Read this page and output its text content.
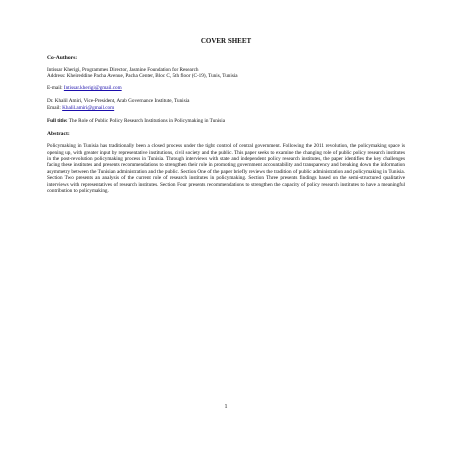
COVER SHEET
Co-Authors:

Intissar Kherigi, Programmes Director, Jasmine Foundation for Research

Address: Kheireddine Pacha Avenue, Pacha Center, Bloc C, 5th floor (C-19), Tunis, Tunisia

E-mail: Intissar.kherigi@gmail.com

Dr. Khalil Amiri, Vice-President, Arab Governance Institute, Tunisia

Email: Khalil.amiri@gmail.com

Full title: The Role of Public Policy Research Institutions in Policymaking in Tunisia

Abstract:

Policymaking in Tunisia has traditionally been a closed process under the tight control of central government. Following the 2011 revolution, the policymaking space is opening up, with greater input by representative institutions, civil society and the public. This paper seeks to examine the changing role of public policy research institutes in the post-revolution policymaking process in Tunisia. Through interviews with state and independent policy research institutes, the paper identifies the key challenges facing these institutes and presents recommendations to strengthen their role in promoting government accountability and transparency and breaking down the information asymmetry between the Tunisian administration and the public. Section One of the paper briefly reviews the tradition of public administration and policymaking in Tunisia. Section Two presents an analysis of the current role of research institutes in policymaking. Section Three presents findings based on the semi-structured qualitative interviews with representatives of research institutes. Section Four presents recommendations to strengthen the capacity of policy research institutes to have a meaningful contribution to policymaking.

1
